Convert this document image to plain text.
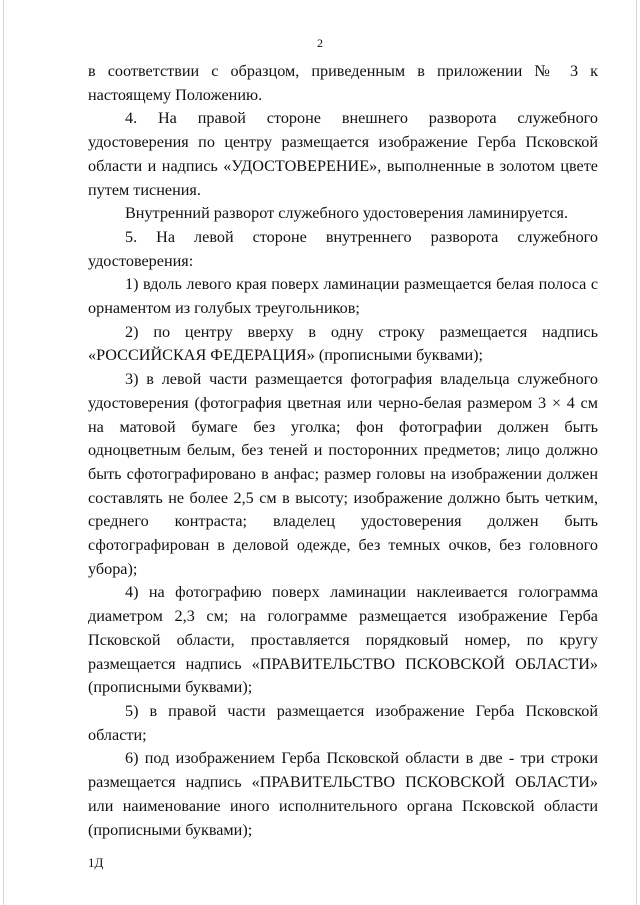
2

в соответствии с образцом, приведенным в приложении № 3 к настоящему Положению.

4. На правой стороне внешнего разворота служебного удостоверения по центру размещается изображение Герба Псковской области и надпись «УДОСТОВЕРЕНИЕ», выполненные в золотом цвете путем тиснения.

Внутренний разворот служебного удостоверения ламинируется.

5. На левой стороне внутреннего разворота служебного удостоверения:

1) вдоль левого края поверх ламинации размещается белая полоса с орнаментом из голубых треугольников;

2) по центру вверху в одну строку размещается надпись «РОССИЙСКАЯ ФЕДЕРАЦИЯ» (прописными буквами);

3) в левой части размещается фотография владельца служебного удостоверения (фотография цветная или черно-белая размером 3 × 4 см на матовой бумаге без уголка; фон фотографии должен быть одноцветным белым, без теней и посторонних предметов; лицо должно быть сфотографировано в анфас; размер головы на изображении должен составлять не более 2,5 см в высоту; изображение должно быть четким, среднего контраста; владелец удостоверения должен быть сфотографирован в деловой одежде, без темных очков, без головного убора);

4) на фотографию поверх ламинации наклеивается голограмма диаметром 2,3 см; на голограмме размещается изображение Герба Псковской области, проставляется порядковый номер, по кругу размещается надпись «ПРАВИТЕЛЬСТВО ПСКОВСКОЙ ОБЛАСТИ» (прописными буквами);

5) в правой части размещается изображение Герба Псковской области;

6) под изображением Герба Псковской области в две - три строки размещается надпись «ПРАВИТЕЛЬСТВО ПСКОВСКОЙ ОБЛАСТИ» или наименование иного исполнительного органа Псковской области (прописными буквами);

1Д
